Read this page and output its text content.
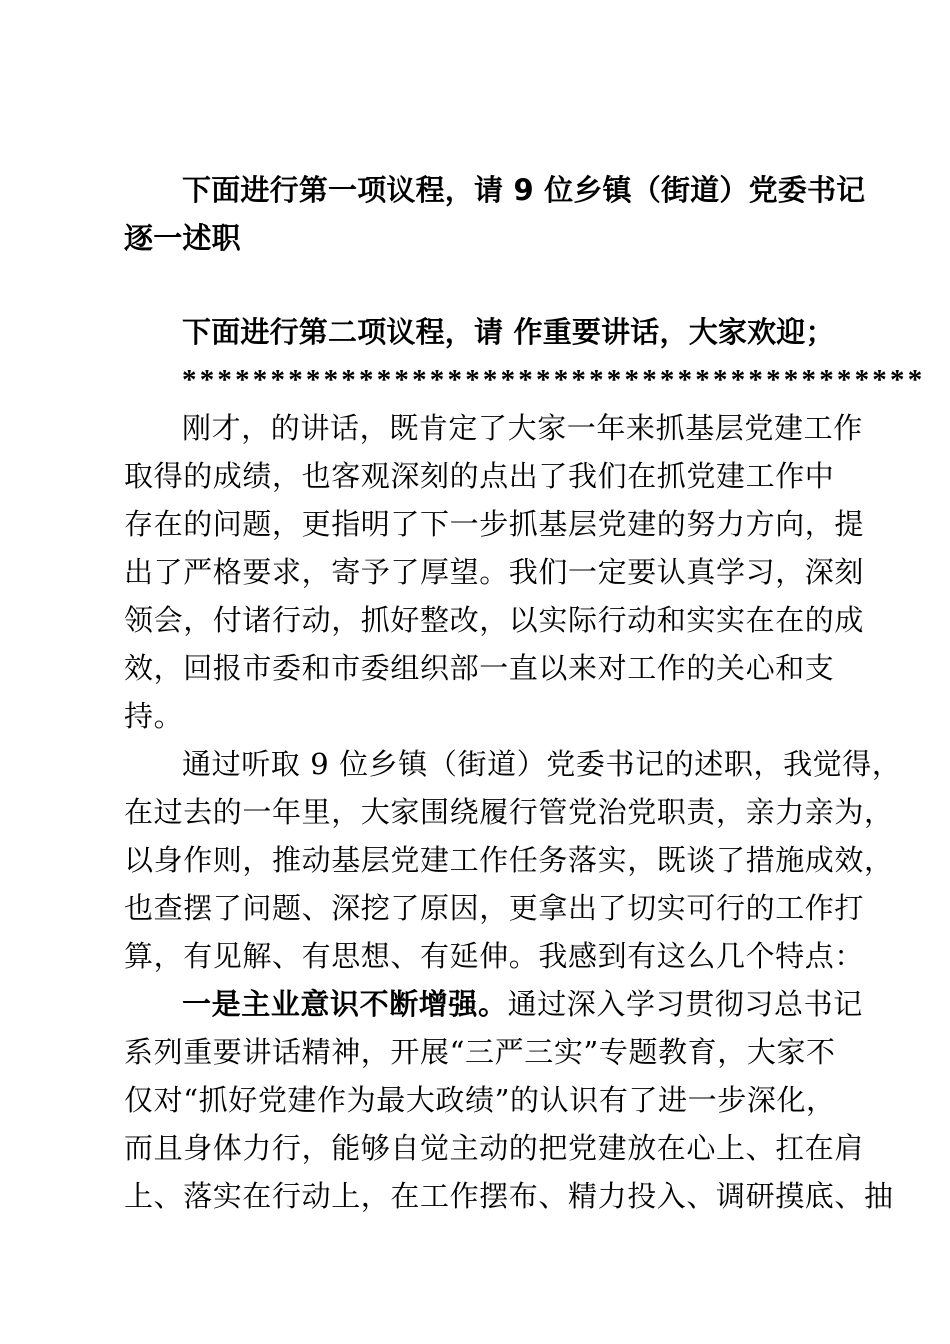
下面进行第一项议程，请 9 位乡镇（街道）党委书记
逐一述职
下面进行第二项议程，请 作重要讲话，大家欢迎；
******************************************
刚才，的讲话，既肯定了大家一年来抓基层党建工作
取得的成绩，也客观深刻的点出了我们在抓党建工作中
存在的问题，更指明了下一步抓基层党建的努力方向，提
出了严格要求，寄予了厚望。我们一定要认真学习，深刻
领会，付诸行动，抓好整改，以实际行动和实实在在的成
效，回报市委和市委组织部一直以来对工作的关心和支
持。
通过听取 9 位乡镇（街道）党委书记的述职，我觉得，
在过去的一年里，大家围绕履行管党治党职责，亲力亲为，
以身作则，推动基层党建工作任务落实，既谈了措施成效，
也查摆了问题、深挖了原因，更拿出了切实可行的工作打
算，有见解、有思想、有延伸。我感到有这么几个特点：
一是主业意识不断增强。通过深入学习贯彻习总书记
系列重要讲话精神，开展“三严三实”专题教育，大家不
仅对“抓好党建作为最大政绩”的认识有了进一步深化，
而且身体力行，能够自觉主动的把党建放在心上、扛在肩
上、落实在行动上，在工作摆布、精力投入、调研摸底、抽
